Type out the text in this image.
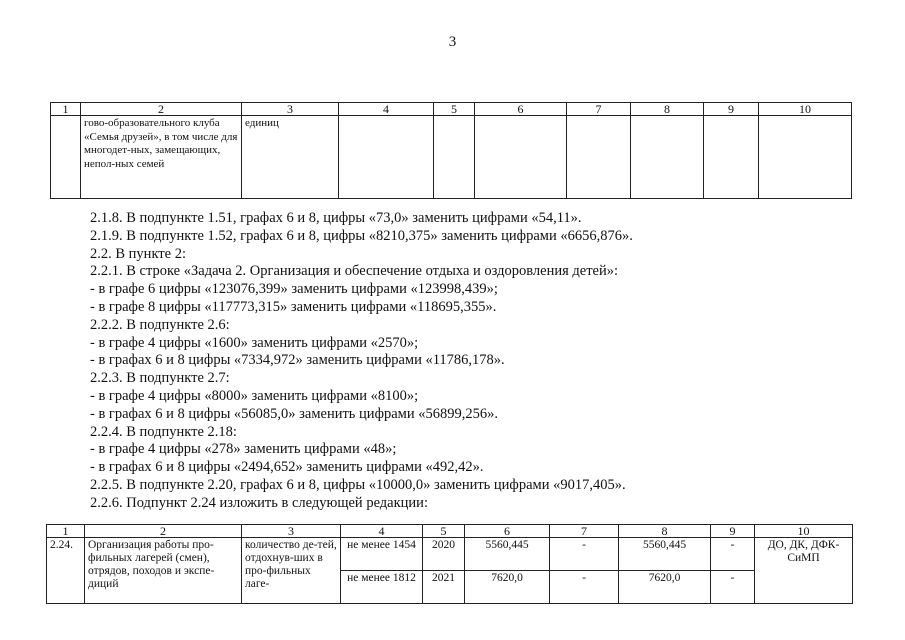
3
1	2	3	4	5	6	7	8	9	10
	гово-образовательного клуба «Семья друзей», в том числе для многодет-ных, замещающих, непол-ных семей	единиц							
2.1.8. В подпункте 1.51, графах 6 и 8, цифры «73,0» заменить цифрами «54,11».
2.1.9. В подпункте 1.52, графах 6 и 8, цифры «8210,375» заменить цифрами «6656,876».
2.2. В пункте 2:
2.2.1. В строке «Задача 2. Организация и обеспечение отдыха и оздоровления детей»:
- в графе 6 цифры «123076,399» заменить цифрами «123998,439»;
- в графе 8 цифры «117773,315» заменить цифрами «118695,355».
2.2.2. В подпункте 2.6:
- в графе 4 цифры «1600» заменить цифрами «2570»;
- в графах 6 и 8 цифры «7334,972» заменить цифрами «11786,178».
2.2.3. В подпункте 2.7:
- в графе 4 цифры «8000» заменить цифрами «8100»;
- в графах 6 и 8 цифры «56085,0» заменить цифрами «56899,256».
2.2.4. В подпункте 2.18:
- в графе 4 цифры «278» заменить цифрами «48»;
- в графах 6 и 8 цифры «2494,652» заменить цифрами «492,42».
2.2.5. В подпункте 2.20, графах 6 и 8, цифры «10000,0» заменить цифрами «9017,405».
2.2.6. Подпункт 2.24 изложить в следующей редакции:
1	2	3	4	5	6	7	8	9	10
2.24.	Организация работы про-фильных лагерей (смен), отрядов, походов и экспе-диций	количество де-тей, отдохнув-ших в про-фильных лаге-	не менее 1454	2020	5560,445	-	5560,445	-	ДО, ДК, ДФК-СиМП
			не менее 1812	2021	7620,0	-	7620,0	-	
